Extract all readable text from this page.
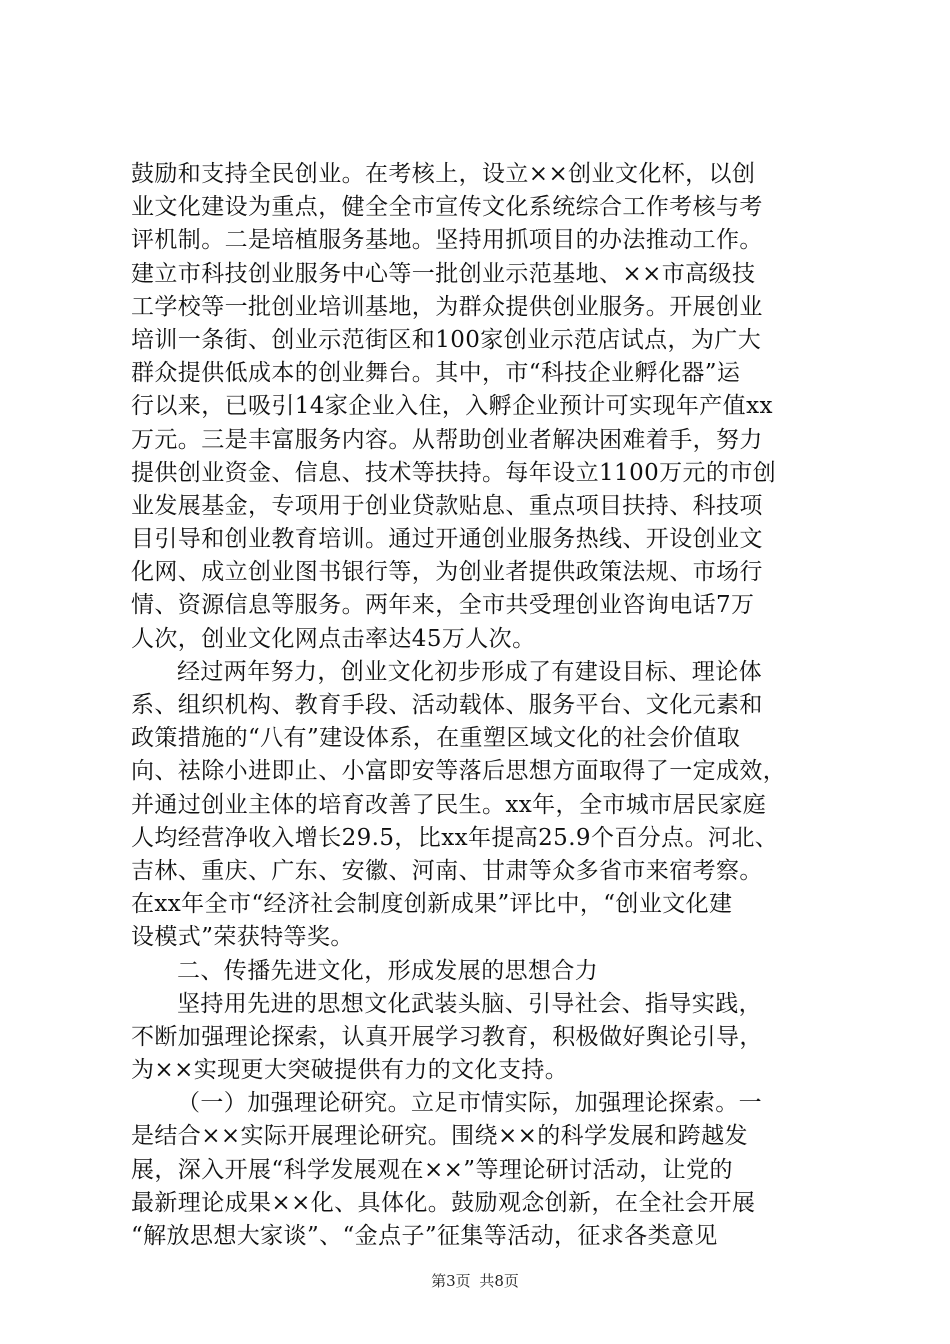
鼓励和支持全民创业。在考核上，设立××创业文化杯，以创
业文化建设为重点，健全全市宣传文化系统综合工作考核与考
评机制。二是培植服务基地。坚持用抓项目的办法推动工作。
建立市科技创业服务中心等一批创业示范基地、××市高级技
工学校等一批创业培训基地，为群众提供创业服务。开展创业
培训一条街、创业示范街区和100家创业示范店试点，为广大
群众提供低成本的创业舞台。其中，市“科技企业孵化器”运
行以来，已吸引14家企业入住，入孵企业预计可实现年产值xx
万元。三是丰富服务内容。从帮助创业者解决困难着手，努力
提供创业资金、信息、技术等扶持。每年设立1100万元的市创
业发展基金，专项用于创业贷款贴息、重点项目扶持、科技项
目引导和创业教育培训。通过开通创业服务热线、开设创业文
化网、成立创业图书银行等，为创业者提供政策法规、市场行
情、资源信息等服务。两年来，全市共受理创业咨询电话7万
人次，创业文化网点击率达45万人次。
经过两年努力，创业文化初步形成了有建设目标、理论体
系、组织机构、教育手段、活动载体、服务平台、文化元素和
政策措施的“八有”建设体系，在重塑区域文化的社会价值取
向、祛除小进即止、小富即安等落后思想方面取得了一定成效，
并通过创业主体的培育改善了民生。xx年，全市城市居民家庭
人均经营净收入增长29.5，比xx年提高25.9个百分点。河北、
吉林、重庆、广东、安徽、河南、甘肃等众多省市来宿考察。
在xx年全市“经济社会制度创新成果”评比中，“创业文化建
设模式”荣获特等奖。
二、传播先进文化，形成发展的思想合力
坚持用先进的思想文化武装头脑、引导社会、指导实践，
不断加强理论探索，认真开展学习教育，积极做好舆论引导，
为××实现更大突破提供有力的文化支持。
（一）加强理论研究。立足市情实际，加强理论探索。一
是结合××实际开展理论研究。围绕××的科学发展和跨越发
展，深入开展“科学发展观在××”等理论研讨活动，让党的
最新理论成果××化、具体化。鼓励观念创新，在全社会开展
“解放思想大家谈”、“金点子”征集等活动，征求各类意见
第3页 共8页
